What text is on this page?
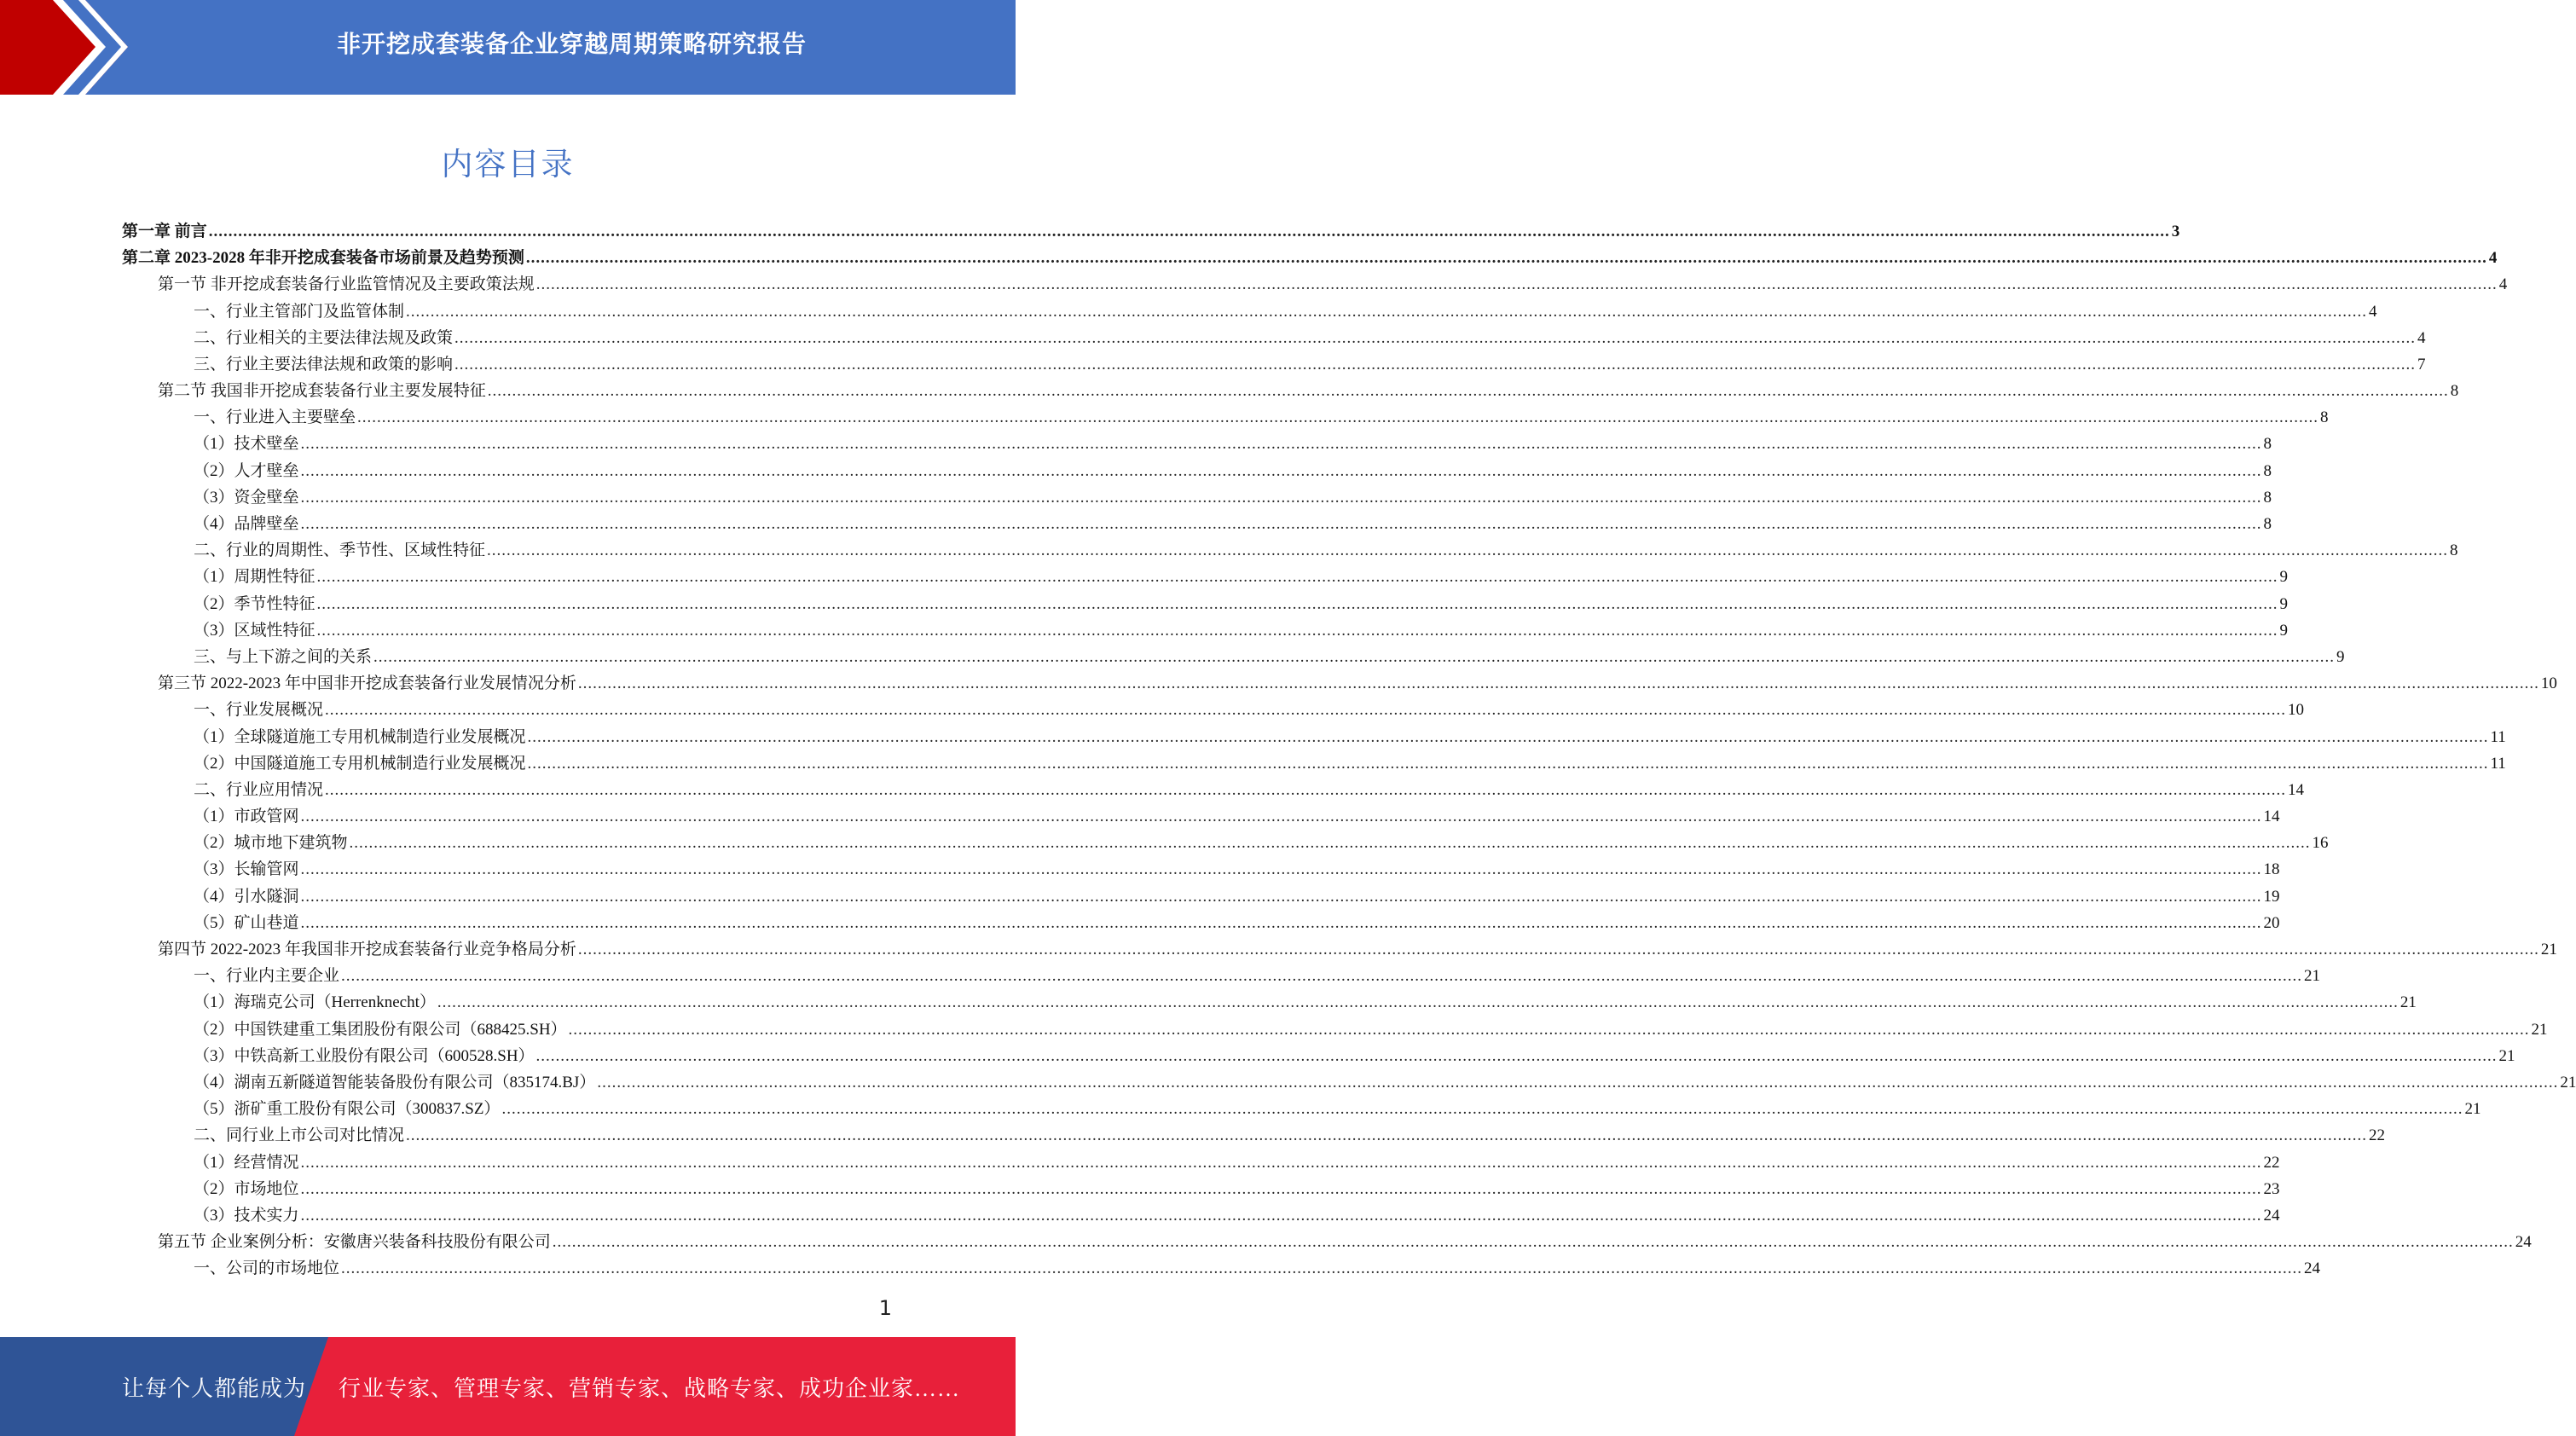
非开挖成套装备企业穿越周期策略研究报告
内容目录
第一章 前言 ................................................................................................................................................................................................................................................................................................................................................................................................................ 3
第二章 2023-2028 年非开挖成套装备市场前景及趋势预测 ................................................................................................................................................................................................................................................................................................................................................................................................................ 4
第一节 非开挖成套装备行业监管情况及主要政策法规 ................................................................................................................................................................................................................................................................................................................................................................................................................ 4
一、行业主管部门及监管体制 ................................................................................................................................................................................................................................................................................................................................................................................................................ 4
二、行业相关的主要法律法规及政策 ................................................................................................................................................................................................................................................................................................................................................................................................................ 4
三、行业主要法律法规和政策的影响 ................................................................................................................................................................................................................................................................................................................................................................................................................ 7
第二节 我国非开挖成套装备行业主要发展特征 ................................................................................................................................................................................................................................................................................................................................................................................................................ 8
一、行业进入主要壁垒 ................................................................................................................................................................................................................................................................................................................................................................................................................ 8
（1）技术壁垒 ................................................................................................................................................................................................................................................................................................................................................................................................................ 8
（2）人才壁垒 ................................................................................................................................................................................................................................................................................................................................................................................................................ 8
（3）资金壁垒 ................................................................................................................................................................................................................................................................................................................................................................................................................ 8
（4）品牌壁垒 ................................................................................................................................................................................................................................................................................................................................................................................................................ 8
二、行业的周期性、季节性、区域性特征 ................................................................................................................................................................................................................................................................................................................................................................................................................ 8
（1）周期性特征 ................................................................................................................................................................................................................................................................................................................................................................................................................ 9
（2）季节性特征 ................................................................................................................................................................................................................................................................................................................................................................................................................ 9
（3）区域性特征 ................................................................................................................................................................................................................................................................................................................................................................................................................ 9
三、与上下游之间的关系 ................................................................................................................................................................................................................................................................................................................................................................................................................ 9
第三节 2022-2023 年中国非开挖成套装备行业发展情况分析 ................................................................................................................................................................................................................................................................................................................................................................................................................ 10
一、行业发展概况 ................................................................................................................................................................................................................................................................................................................................................................................................................ 10
（1）全球隧道施工专用机械制造行业发展概况 ................................................................................................................................................................................................................................................................................................................................................................................................................ 11
（2）中国隧道施工专用机械制造行业发展概况 ................................................................................................................................................................................................................................................................................................................................................................................................................ 11
二、行业应用情况 ................................................................................................................................................................................................................................................................................................................................................................................................................ 14
（1）市政管网 ................................................................................................................................................................................................................................................................................................................................................................................................................ 14
（2）城市地下建筑物 ................................................................................................................................................................................................................................................................................................................................................................................................................ 16
（3）长输管网 ................................................................................................................................................................................................................................................................................................................................................................................................................ 18
（4）引水隧洞 ................................................................................................................................................................................................................................................................................................................................................................................................................ 19
（5）矿山巷道 ................................................................................................................................................................................................................................................................................................................................................................................................................ 20
第四节 2022-2023 年我国非开挖成套装备行业竞争格局分析 ................................................................................................................................................................................................................................................................................................................................................................................................................ 21
一、行业内主要企业 ................................................................................................................................................................................................................................................................................................................................................................................................................ 21
（1）海瑞克公司（Herrenknecht） ................................................................................................................................................................................................................................................................................................................................................................................................................ 21
（2）中国铁建重工集团股份有限公司（688425.SH） ................................................................................................................................................................................................................................................................................................................................................................................................................ 21
（3）中铁高新工业股份有限公司（600528.SH） ................................................................................................................................................................................................................................................................................................................................................................................................................ 21
（4）湖南五新隧道智能装备股份有限公司（835174.BJ） ................................................................................................................................................................................................................................................................................................................................................................................................................ 21
（5）浙矿重工股份有限公司（300837.SZ） ................................................................................................................................................................................................................................................................................................................................................................................................................ 21
二、同行业上市公司对比情况 ................................................................................................................................................................................................................................................................................................................................................................................................................ 22
（1）经营情况 ................................................................................................................................................................................................................................................................................................................................................................................................................ 22
（2）市场地位 ................................................................................................................................................................................................................................................................................................................................................................................................................ 23
（3）技术实力 ................................................................................................................................................................................................................................................................................................................................................................................................................ 24
第五节 企业案例分析：安徽唐兴装备科技股份有限公司 ................................................................................................................................................................................................................................................................................................................................................................................................................ 24
一、公司的市场地位 ................................................................................................................................................................................................................................................................................................................................................................................................................ 24
1
让每个人都能成为 行业专家、管理专家、营销专家、战略专家、成功企业家……
